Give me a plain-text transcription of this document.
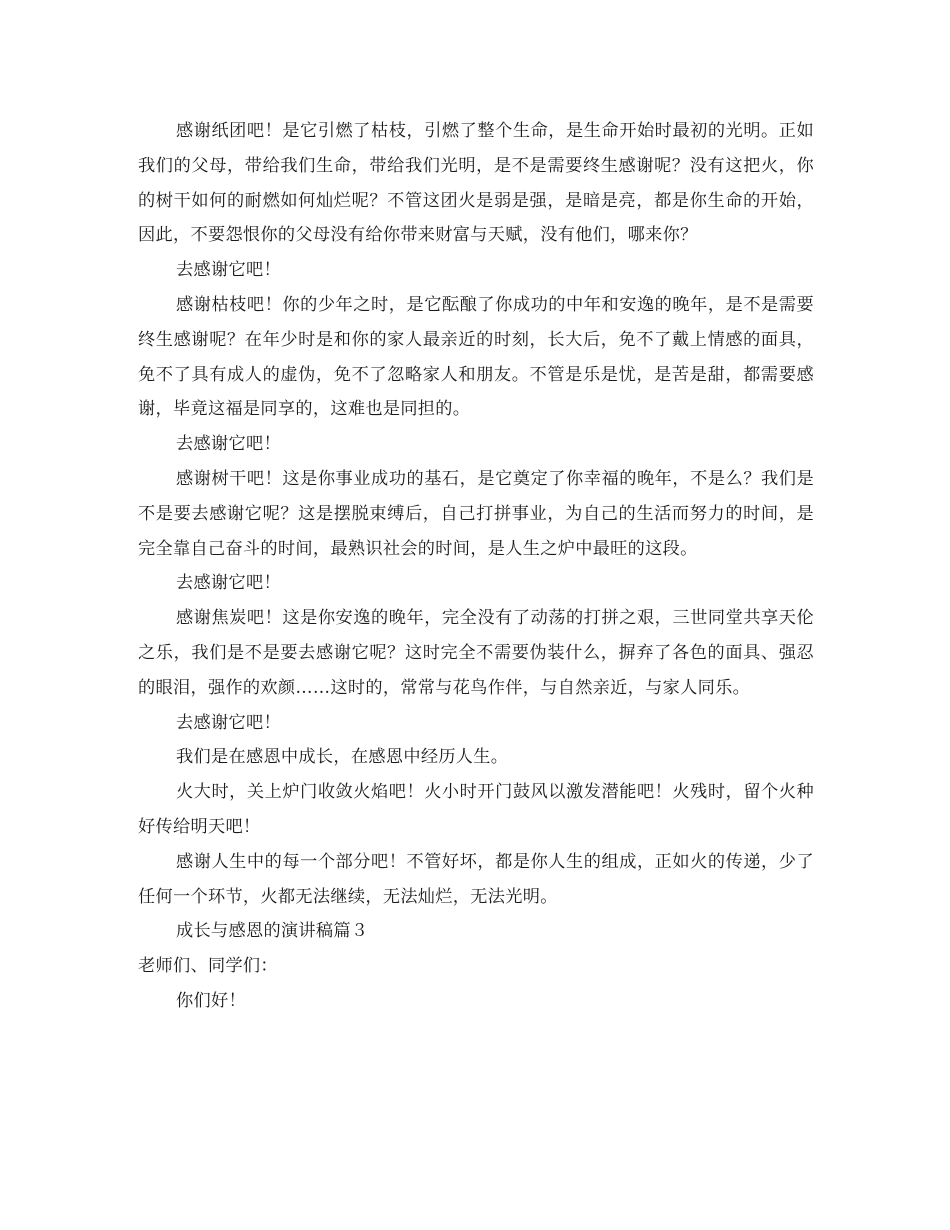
感谢纸团吧！是它引燃了枯枝，引燃了整个生命，是生命开始时最初的光明。正如我们的父母，带给我们生命，带给我们光明，是不是需要终生感谢呢？没有这把火，你的树干如何的耐燃如何灿烂呢？不管这团火是弱是强，是暗是亮，都是你生命的开始，因此，不要怨恨你的父母没有给你带来财富与天赋，没有他们，哪来你？

去感谢它吧！

感谢枯枝吧！你的少年之时，是它酝酿了你成功的中年和安逸的晚年，是不是需要终生感谢呢？在年少时是和你的家人最亲近的时刻，长大后，免不了戴上情感的面具，免不了具有成人的虚伪，免不了忽略家人和朋友。不管是乐是忧，是苦是甜，都需要感谢，毕竟这福是同享的，这难也是同担的。

去感谢它吧！

感谢树干吧！这是你事业成功的基石，是它奠定了你幸福的晚年，不是么？我们是不是要去感谢它呢？这是摆脱束缚后，自己打拼事业，为自己的生活而努力的时间，是完全靠自己奋斗的时间，最熟识社会的时间，是人生之炉中最旺的这段。

去感谢它吧！

感谢焦炭吧！这是你安逸的晚年，完全没有了动荡的打拼之艰，三世同堂共享天伦之乐，我们是不是要去感谢它呢？这时完全不需要伪装什么，摒弃了各色的面具、强忍的眼泪，强作的欢颜……这时的，常常与花鸟作伴，与自然亲近，与家人同乐。

去感谢它吧！

我们是在感恩中成长，在感恩中经历人生。

火大时，关上炉门收敛火焰吧！火小时开门鼓风以激发潜能吧！火残时，留个火种好传给明天吧！

感谢人生中的每一个部分吧！不管好坏，都是你人生的组成，正如火的传递，少了任何一个环节，火都无法继续，无法灿烂，无法光明。

成长与感恩的演讲稿篇３

老师们、同学们：

你们好！
